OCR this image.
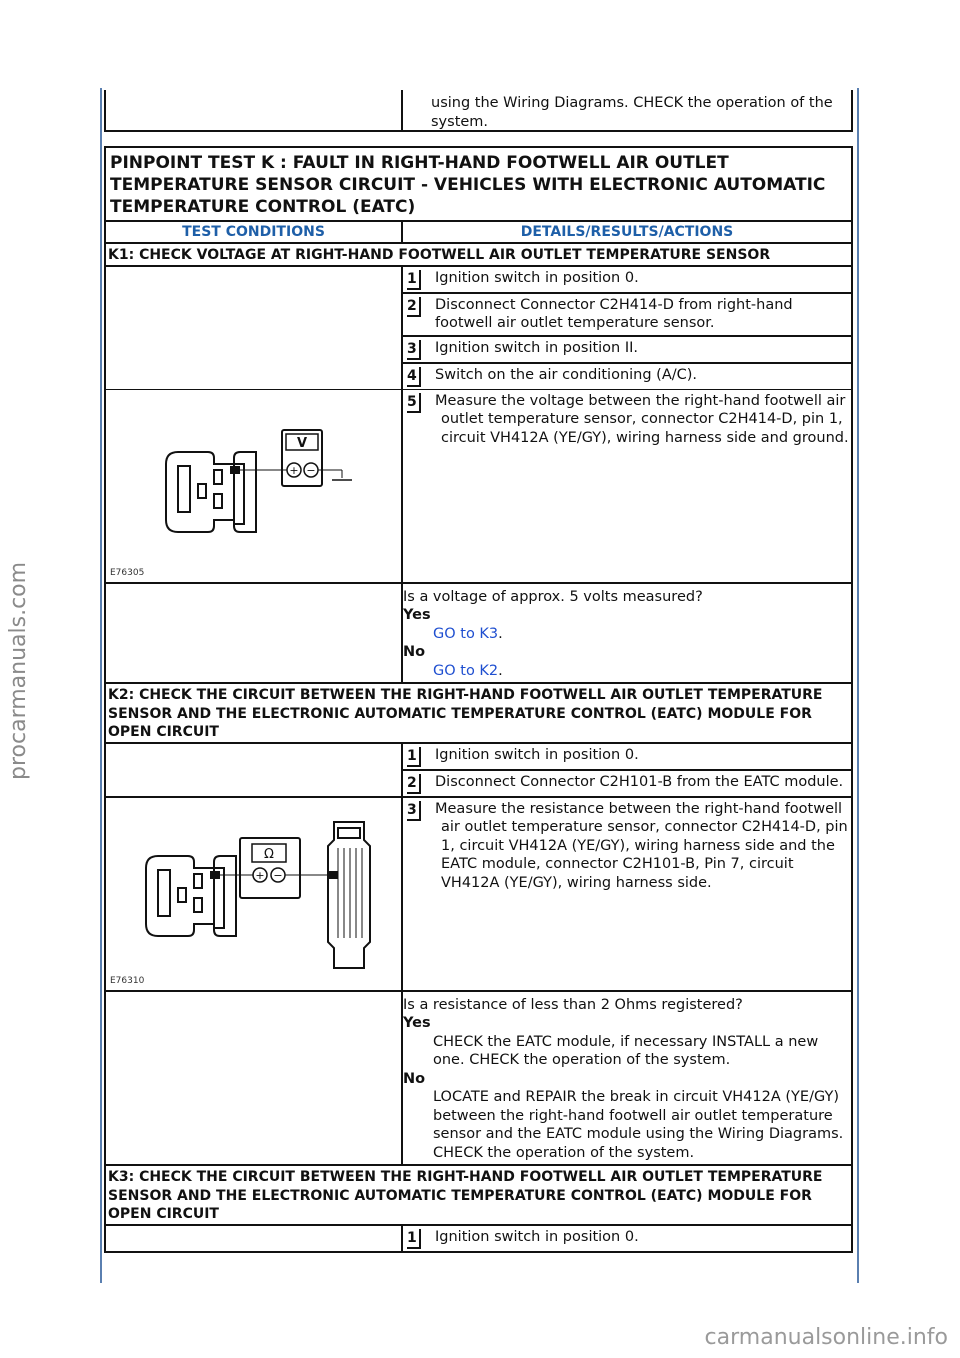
procarmanuals.com
using the Wiring Diagrams. CHECK the operation of the system.
PINPOINT TEST K : FAULT IN RIGHT-HAND FOOTWELL AIR OUTLET TEMPERATURE SENSOR CIRCUIT - VEHICLES WITH ELECTRONIC AUTOMATIC TEMPERATURE CONTROL (EATC)
TEST CONDITIONS	DETAILS/RESULTS/ACTIONS
K1: CHECK VOLTAGE AT RIGHT-HAND FOOTWELL AIR OUTLET TEMPERATURE SENSOR
1 Ignition switch in position 0.
2 Disconnect Connector C2H414-D from right-hand footwell air outlet temperature sensor.
3 Ignition switch in position II.
4 Switch on the air conditioning (A/C).
V
+ −
E76305
5 Measure the voltage between the right-hand footwell air outlet temperature sensor, connector C2H414-D, pin 1, circuit VH412A (YE/GY), wiring harness side and ground.
Is a voltage of approx. 5 volts measured?
Yes
GO to K3.
No
GO to K2.
K2: CHECK THE CIRCUIT BETWEEN THE RIGHT-HAND FOOTWELL AIR OUTLET TEMPERATURE SENSOR AND THE ELECTRONIC AUTOMATIC TEMPERATURE CONTROL (EATC) MODULE FOR OPEN CIRCUIT
1 Ignition switch in position 0.
2 Disconnect Connector C2H101-B from the EATC module.
Ω
+ −
E76310
3 Measure the resistance between the right-hand footwell air outlet temperature sensor, connector C2H414-D, pin 1, circuit VH412A (YE/GY), wiring harness side and the EATC module, connector C2H101-B, Pin 7, circuit VH412A (YE/GY), wiring harness side.
Is a resistance of less than 2 Ohms registered?
Yes
CHECK the EATC module, if necessary INSTALL a new one. CHECK the operation of the system.
No
LOCATE and REPAIR the break in circuit VH412A (YE/GY) between the right-hand footwell air outlet temperature sensor and the EATC module using the Wiring Diagrams. CHECK the operation of the system.
K3: CHECK THE CIRCUIT BETWEEN THE RIGHT-HAND FOOTWELL AIR OUTLET TEMPERATURE SENSOR AND THE ELECTRONIC AUTOMATIC TEMPERATURE CONTROL (EATC) MODULE FOR OPEN CIRCUIT
1 Ignition switch in position 0.
carmanualsonline.info
